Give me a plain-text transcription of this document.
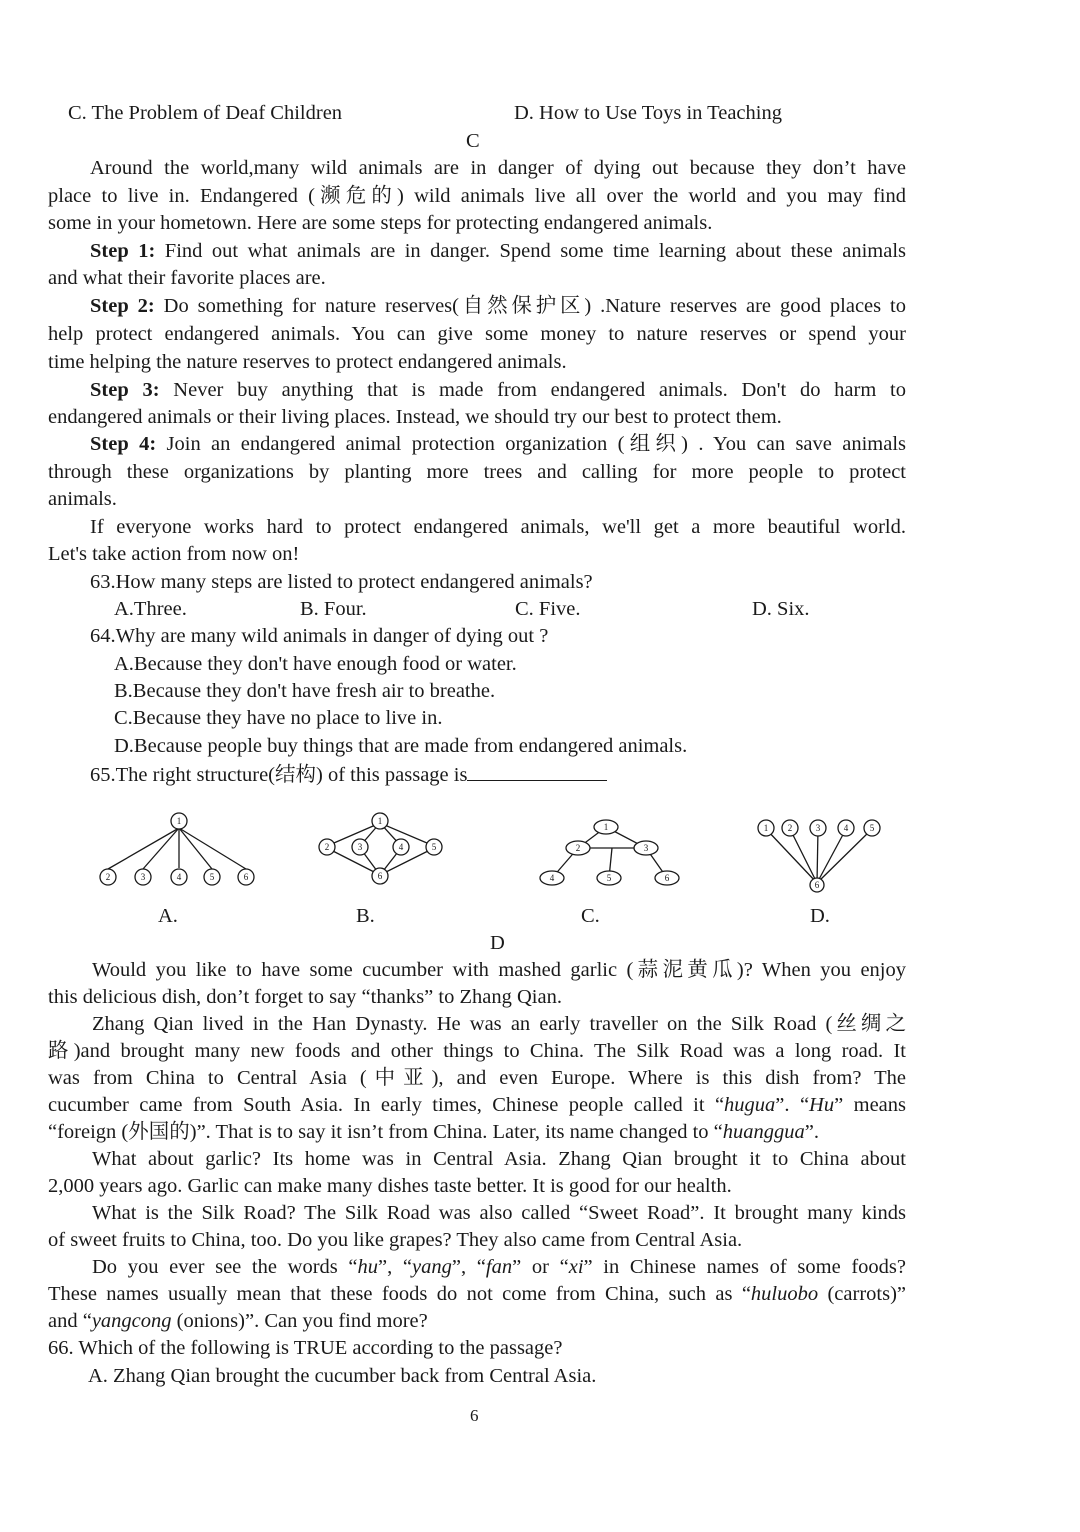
C. The Problem of Deaf Children	D. How to Use Toys in Teaching
C
Around the world,many wild animals are in danger of dying out because they don’t have
place to live in. Endangered (濒危的) wild animals live all over the world and you may find
some in your hometown. Here are some steps for protecting endangered animals.
Step 1: Find out what animals are in danger. Spend some time learning about these animals
and what their favorite places are.
Step 2: Do something for nature reserves(自然保护区) .Nature reserves are good places to
help protect endangered animals. You can give some money to nature reserves or spend your
time helping the nature reserves to protect endangered animals.
Step 3: Never buy anything that is made from endangered animals. Don't do harm to
endangered animals or their living places. Instead, we should try our best to protect them.
Step 4: Join an endangered animal protection organization (组织) . You can save animals
through these organizations by planting more trees and calling for more people to protect
animals.
If everyone works hard to protect endangered animals, we'll get a more beautiful world.
Let's take action from now on!
63.How many steps are listed to protect endangered animals?
A.Three.	B. Four.	C. Five.	D. Six.
64.Why are many wild animals in danger of dying out ?
A.Because they don't have enough food or water.
B.Because they don't have fresh air to breathe.
C.Because they have no place to live in.
D.Because people buy things that are made from endangered animals.
65.The right structure(结构) of this passage is
1
2	3	4	5	6
1
2	3	4	5
6
1
2	3
4	5	6
1 2	3	4 5
6
A.	B.	C.	D.
D
Would you like to have some cucumber with mashed garlic (蒜泥黄瓜)? When you enjoy
this delicious dish, don’t forget to say “thanks” to Zhang Qian.
Zhang Qian lived in the Han Dynasty. He was an early traveller on the Silk Road (丝绸之
路)and brought many new foods and other things to China. The Silk Road was a long road. It
was from China to Central Asia (中亚), and even Europe. Where is this dish from? The
cucumber came from South Asia. In early times, Chinese people called it “hugua”. “Hu” means
“foreign (外国的)”. That is to say it isn’t from China. Later, its name changed to “huanggua”.
What about garlic? Its home was in Central Asia. Zhang Qian brought it to China about
2,000 years ago. Garlic can make many dishes taste better. It is good for our health.
What is the Silk Road? The Silk Road was also called “Sweet Road”. It brought many kinds
of sweet fruits to China, too. Do you like grapes? They also came from Central Asia.
Do you ever see the words “hu”, “yang”, “fan” or “xi” in Chinese names of some foods?
These names usually mean that these foods do not come from China, such as “huluobo (carrots)”
and “yangcong (onions)”. Can you find more?
66. Which of the following is TRUE according to the passage?
A. Zhang Qian brought the cucumber back from Central Asia.
6
